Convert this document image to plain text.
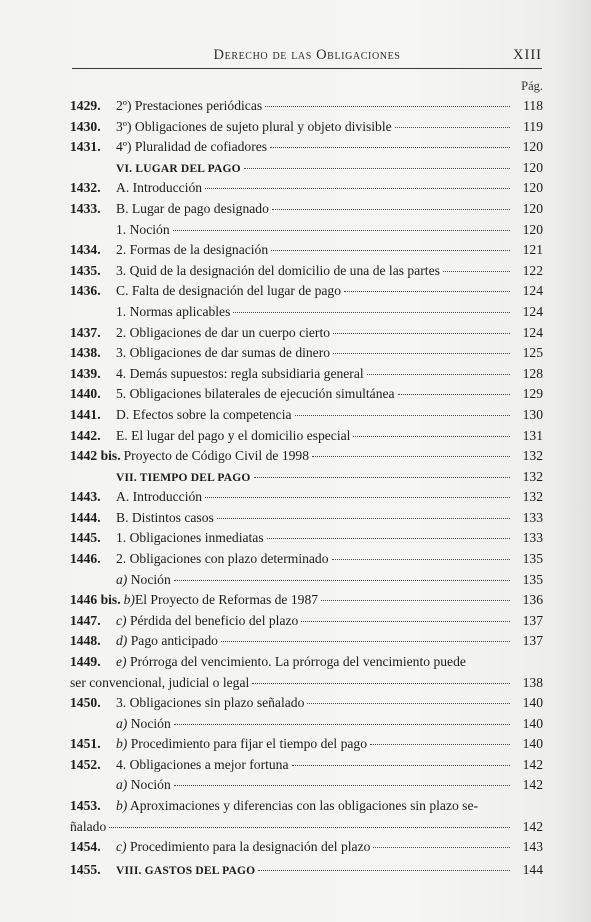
Derecho de las Obligaciones	XIII
Pág.
1429.	2º) Prestaciones periódicas	118
1430.	3º) Obligaciones de sujeto plural y objeto divisible	119
1431.	4º) Pluralidad de cofiadores	120
VI. LUGAR DEL PAGO	120
1432.	A. Introducción	120
1433.	B. Lugar de pago designado	120
1. Noción	120
1434.	2. Formas de la designación	121
1435.	3. Quid de la designación del domicilio de una de las partes	122
1436.	C. Falta de designación del lugar de pago	124
1. Normas aplicables	124
1437.	2. Obligaciones de dar un cuerpo cierto	124
1438.	3. Obligaciones de dar sumas de dinero	125
1439.	4. Demás supuestos: regla subsidiaria general	128
1440.	5. Obligaciones bilaterales de ejecución simultánea	129
1441.	D. Efectos sobre la competencia	130
1442.	E. El lugar del pago y el domicilio especial	131
1442 bis. Proyecto de Código Civil de 1998	132
VII. TIEMPO DEL PAGO	132
1443.	A. Introducción	132
1444.	B. Distintos casos	133
1445.	1. Obligaciones inmediatas	133
1446.	2. Obligaciones con plazo determinado	135
a) Noción	135
1446 bis. b)El Proyecto de Reformas de 1987	136
1447.	c) Pérdida del beneficio del plazo	137
1448.	d) Pago anticipado	137
1449.	e) Prórroga del vencimiento. La prórroga del vencimiento puede
ser convencional, judicial o legal	138
1450.	3. Obligaciones sin plazo señalado	140
a) Noción	140
1451.	b) Procedimiento para fijar el tiempo del pago	140
1452.	4. Obligaciones a mejor fortuna	142
a) Noción	142
1453.	b) Aproximaciones y diferencias con las obligaciones sin plazo se-
ñalado	142
1454.	c) Procedimiento para la designación del plazo	143
1455.	VIII. GASTOS DEL PAGO	144
